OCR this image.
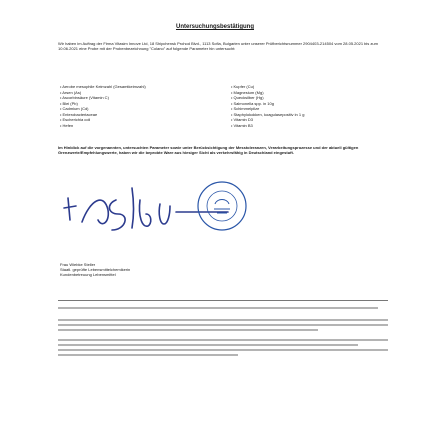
Untersuchungsbestätigung
Wir haben im Auftrag der Firma Vitasim Innove Ltd, 18 Shipchensk Prohod Blvd., 1113 Sofia, Bulgarien unter unserer Prüfberichtsnummer 2904403-214504 vom 28.05.2021 bis zum 10.06.2021 eine Probe mit der Probenbezeichnung "Colano" auf folgende Parameter hin untersucht:
• Aerobe mesophile Keimzahl (Gesamtkeimzahl)
• Arsen (As)
• Ascorbinsäure (Vitamin C)
• Blei (Pb)
• Cadmium (Cd)
• Enterobacteriaceae
• Escherichia coli
• Hefen
• Kupfer (Cu)
• Magnesium (Mg)
• Quecksilber (Hg)
• Salmonella spp. in 10g
• Schimmelpilze
• Staphylokokken, koagulasepositiv in 1 g
• Vitamin D3
• Vitamin B3
Im Hinblick auf die vorgenannten, untersuchten Parameter sowie unter Berücksichtigung der Messtoleranzen, Verarbeitungsprozesse und der aktuell gültigen Grenzwerte/Empfehlungswerte, haben wir die beprobte Ware aus hiesiger Sicht als verkehrsfähig in Deutschland eingestuft.
Frau Wiebke Steller
Staatl. geprüfte Lebensmittelchemikerin
Kundenbetreuung Lebensmittel
